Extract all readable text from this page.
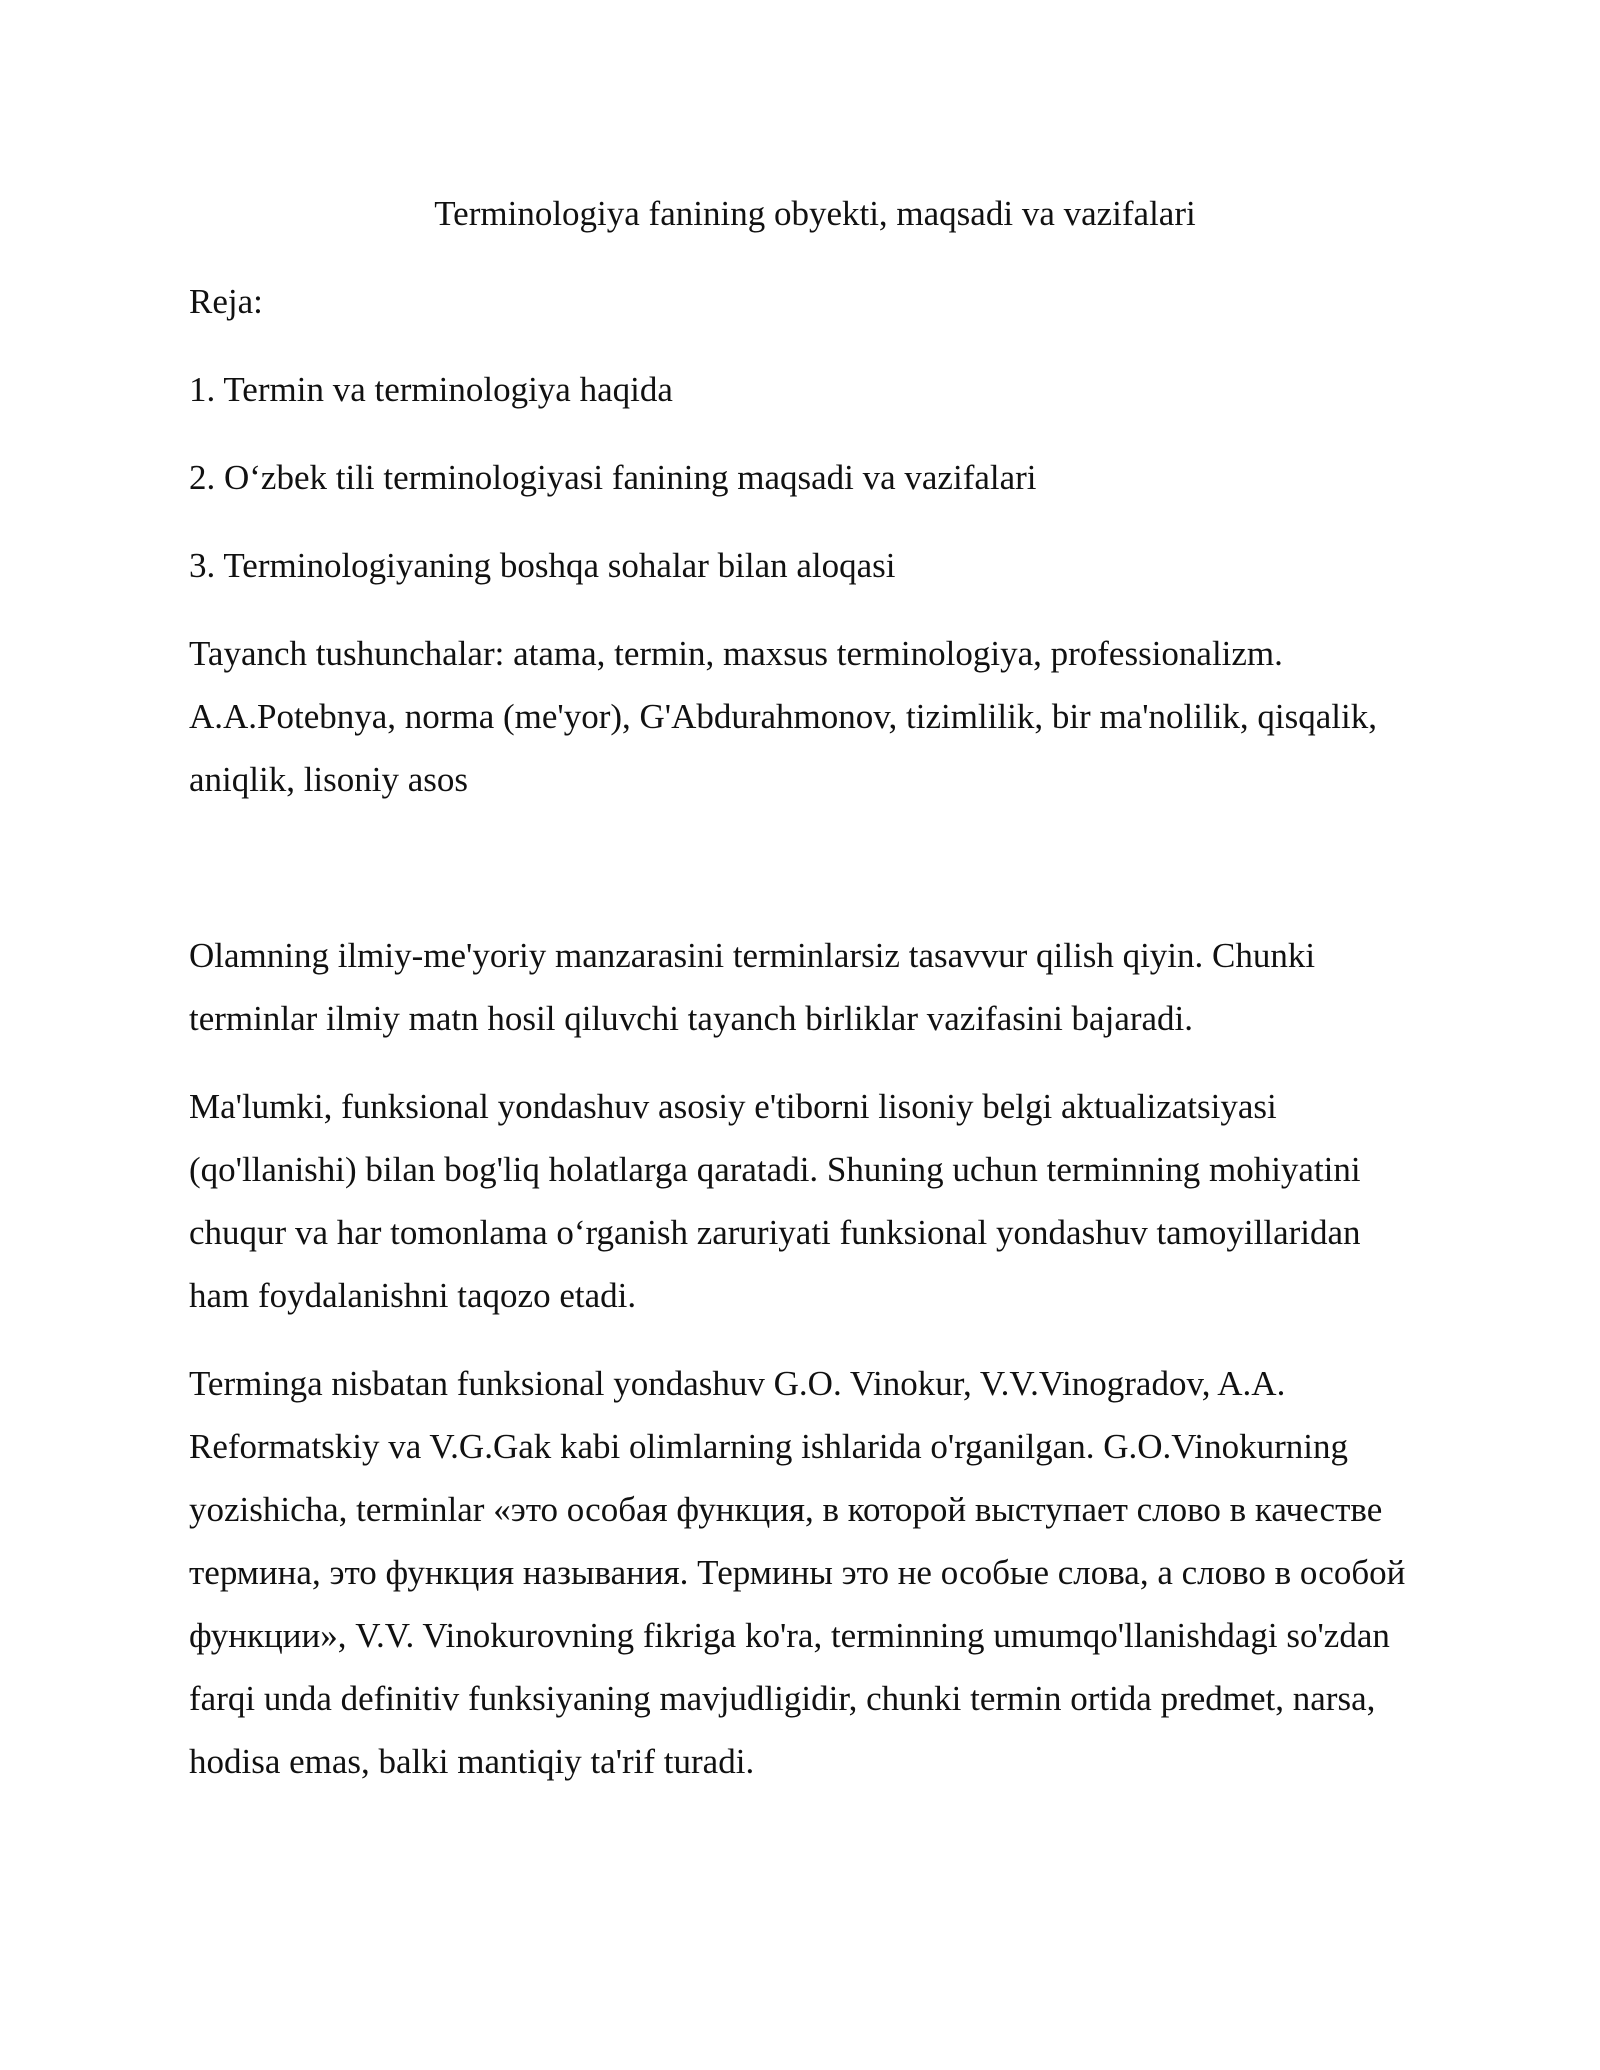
Terminologiya fanining obyekti, maqsadi va vazifalari
Reja:
1. Termin va terminologiya haqida
2. O‘zbek tili terminologiyasi fanining maqsadi va vazifalari
3. Terminologiyaning boshqa sohalar bilan aloqasi

Tayanch tushunchalar: atama, termin, maxsus terminologiya, professionalizm. A.A.Potebnya, norma (me'yor), G'Abdurahmonov, tizimlilik, bir ma'nolilik, qisqalik, aniqlik, lisoniy asos

Olamning ilmiy-me'yoriy manzarasini terminlarsiz tasavvur qilish qiyin. Chunki terminlar ilmiy matn hosil qiluvchi tayanch birliklar vazifasini bajaradi.

Ma'lumki, funksional yondashuv asosiy e'tiborni lisoniy belgi aktualizatsiyasi (qo'llanishi) bilan bog'liq holatlarga qaratadi. Shuning uchun terminning mohiyatini chuqur va har tomonlama o‘rganish zaruriyati funksional yondashuv tamoyillaridan ham foydalanishni taqozo etadi.

Terminga nisbatan funksional yondashuv G.O. Vinokur, V.V.Vinogradov, A.A. Reformatskiy va V.G.Gak kabi olimlarning ishlarida o'rganilgan. G.O.Vinokurning yozishicha, terminlar «это особая функция, в которой выступает слово в качестве термина, это функция называния. Термины это не особые слова, а слово в особой функции», V.V. Vinokurovning fikriga ko'ra, terminning umumqo'llanishdagi so'zdan farqi unda definitiv funksiyaning mavjudligidir, chunki termin ortida predmet, narsa, hodisa emas, balki mantiqiy ta'rif turadi.
